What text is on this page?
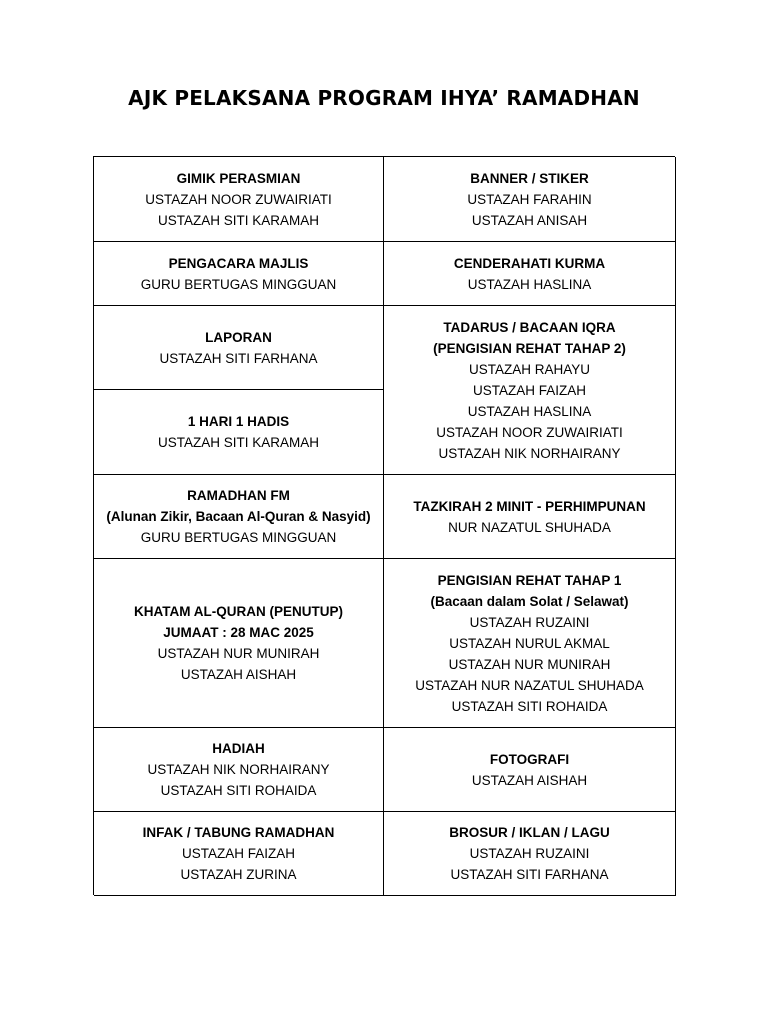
AJK PELAKSANA PROGRAM IHYA’ RAMADHAN
GIMIK PERASMIAN
USTAZAH NOOR ZUWAIRIATI
USTAZAH SITI KARAMAH
BANNER / STIKER
USTAZAH FARAHIN
USTAZAH ANISAH
PENGACARA MAJLIS
GURU BERTUGAS MINGGUAN
CENDERAHATI KURMA
USTAZAH HASLINA
LAPORAN
USTAZAH SITI FARHANA
TADARUS / BACAAN IQRA
(PENGISIAN REHAT TAHAP 2)
USTAZAH RAHAYU
USTAZAH FAIZAH
USTAZAH HASLINA
USTAZAH NOOR ZUWAIRIATI
USTAZAH NIK NORHAIRANY
1 HARI 1 HADIS
USTAZAH SITI KARAMAH
RAMADHAN FM
(Alunan Zikir, Bacaan Al-Quran & Nasyid)
GURU BERTUGAS MINGGUAN
TAZKIRAH 2 MINIT - PERHIMPUNAN
NUR NAZATUL SHUHADA
KHATAM AL-QURAN (PENUTUP)
JUMAAT : 28 MAC 2025
USTAZAH NUR MUNIRAH
USTAZAH AISHAH
PENGISIAN REHAT TAHAP 1
(Bacaan dalam Solat / Selawat)
USTAZAH RUZAINI
USTAZAH NURUL AKMAL
USTAZAH NUR MUNIRAH
USTAZAH NUR NAZATUL SHUHADA
USTAZAH SITI ROHAIDA
HADIAH
USTAZAH NIK NORHAIRANY
USTAZAH SITI ROHAIDA
FOTOGRAFI
USTAZAH AISHAH
INFAK / TABUNG RAMADHAN
USTAZAH FAIZAH
USTAZAH ZURINA
BROSUR / IKLAN / LAGU
USTAZAH RUZAINI
USTAZAH SITI FARHANA
